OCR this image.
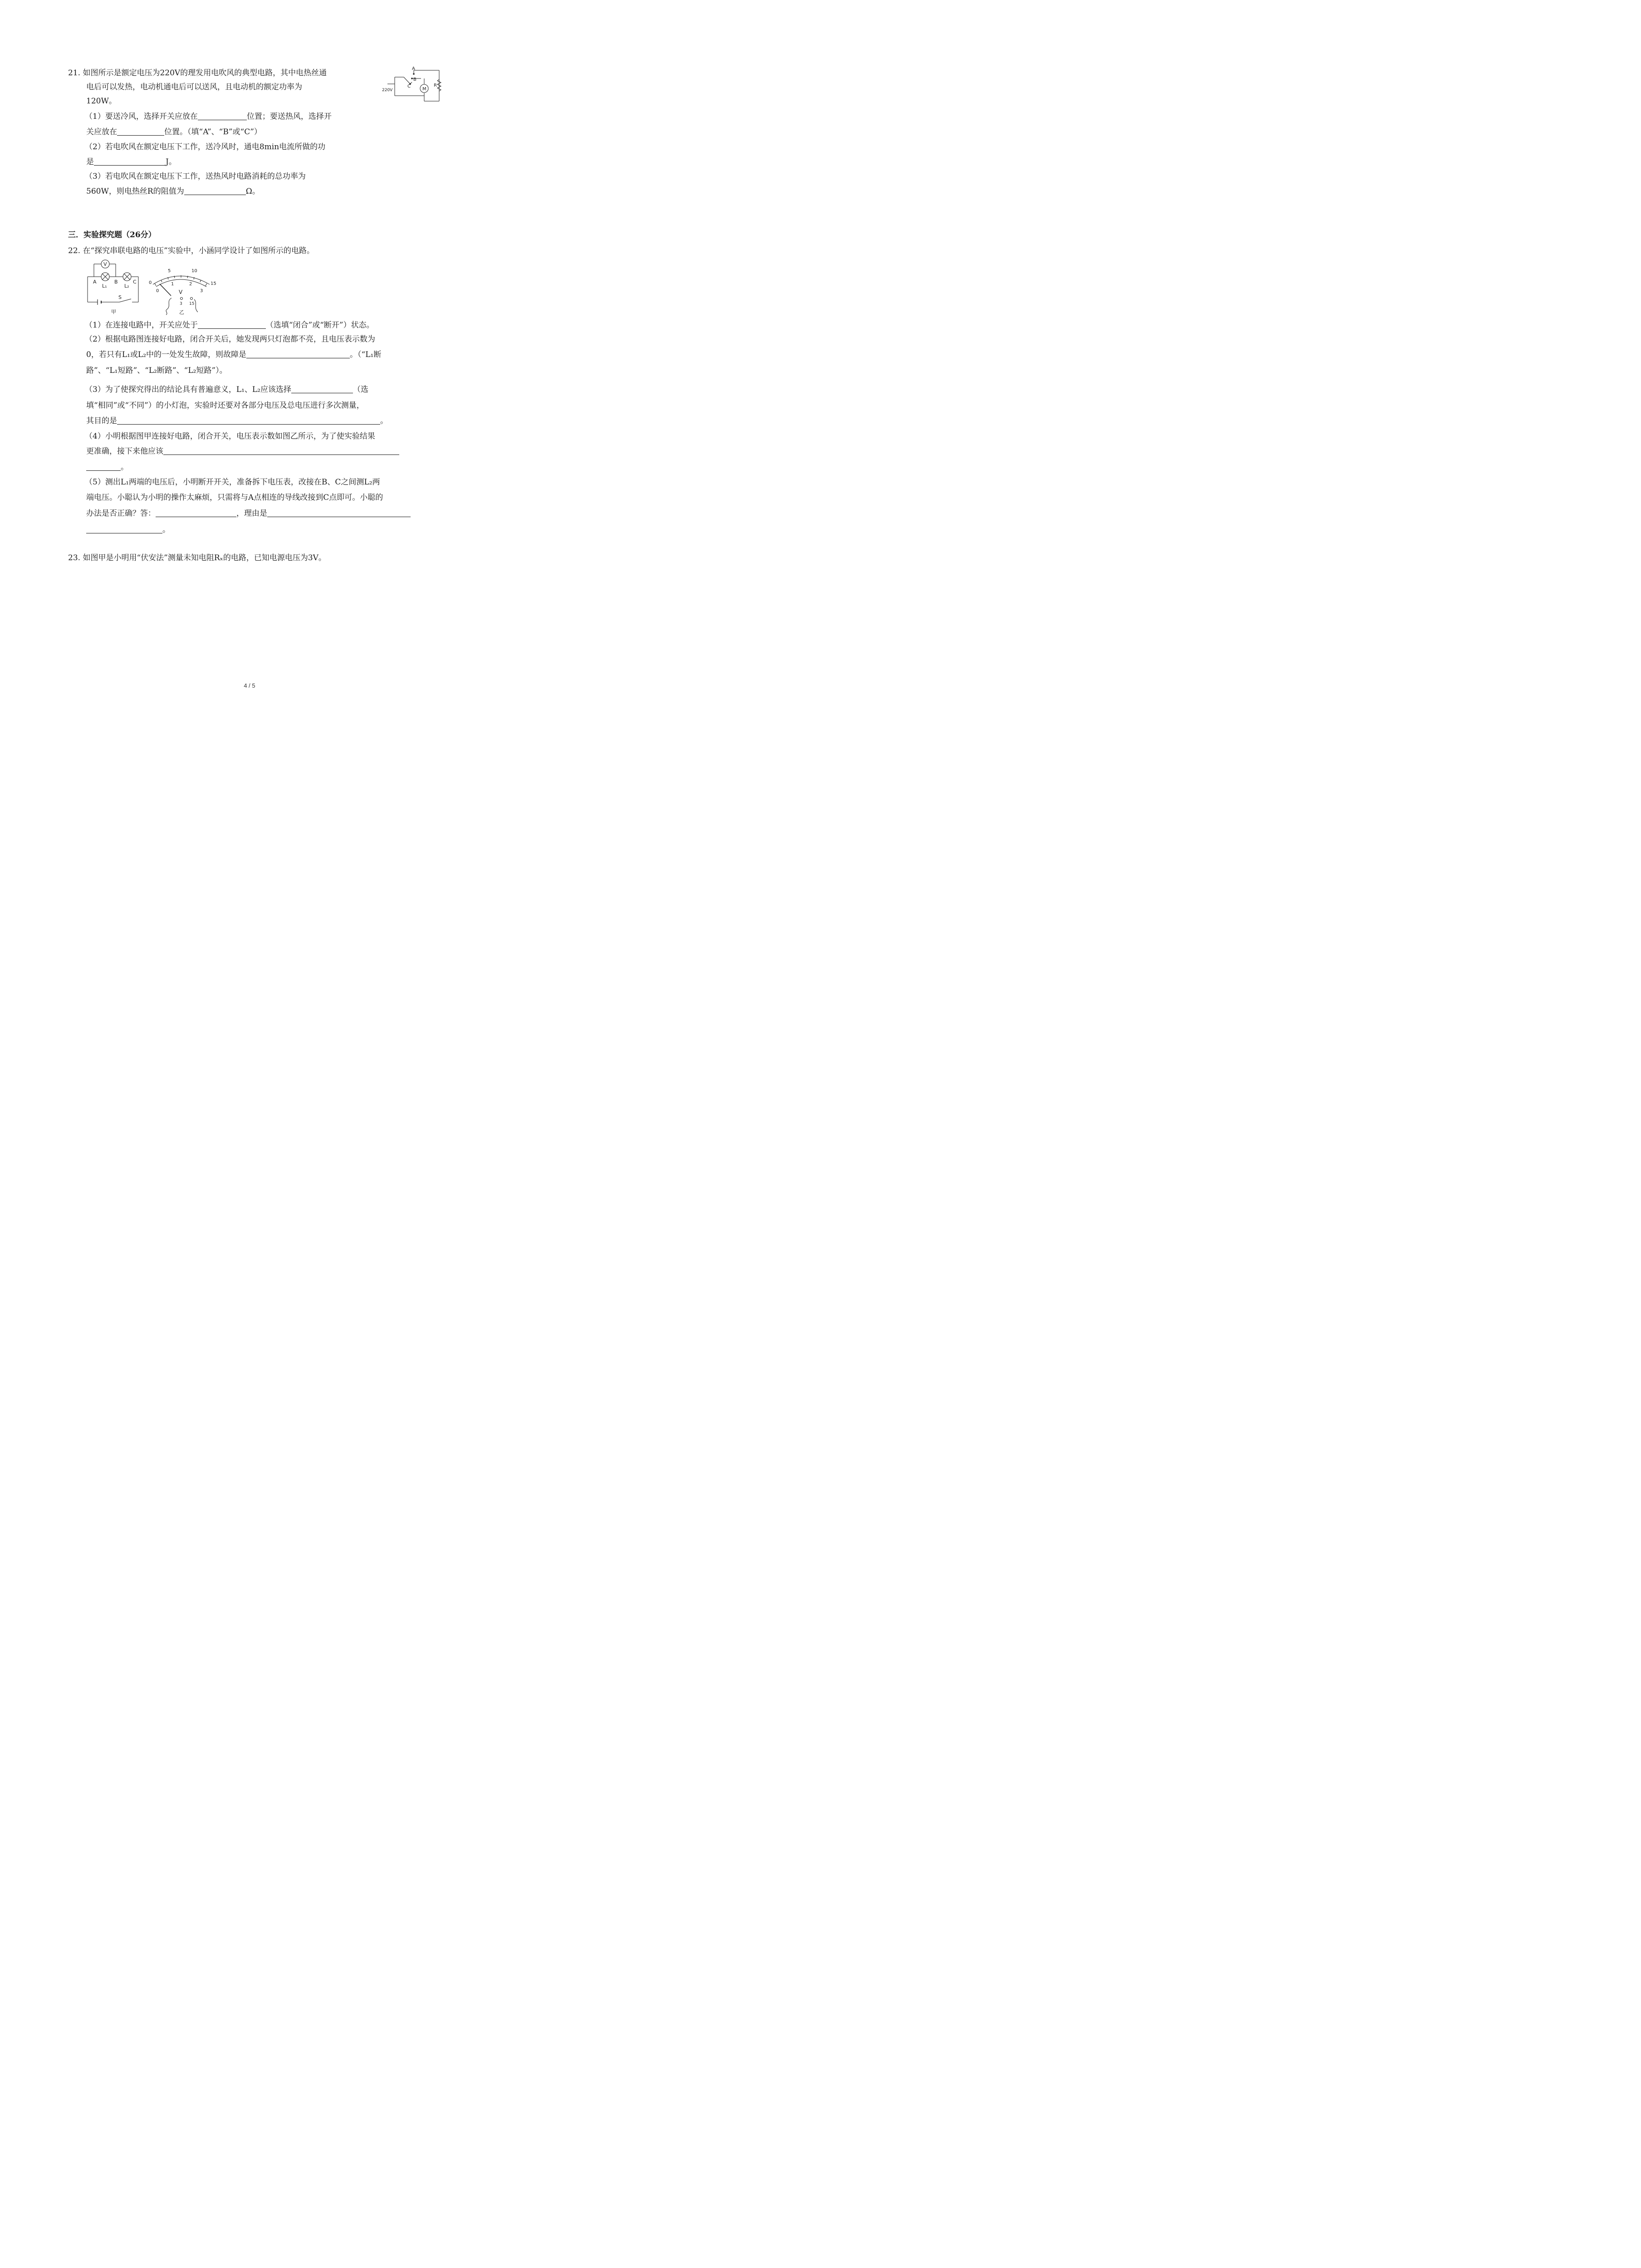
21. 如图所示是额定电压为220V的理发用电吹风的典型电路，其中电热丝通
电后可以发热，电动机通电后可以送风，且电动机的额定功率为
120W。
（1）要送冷风，选择开关应放在	位置；要送热风，选择开
关应放在	位置。（填“A”、“B”或“C”）
（2）若电吹风在额定电压下工作，送冷风时，通电8min电流所做的功
是	J。
（3）若电吹风在额定电压下工作，送热风时电路消耗的总功率为
560W，则电热丝R的阻值为	Ω。
A
B
C
220V	M
R
三．实验探究题（26分）
22. 在“探究串联电路的电压”实验中，小涵同学设计了如图所示的电路。
V
A	B	C
L₁	L₂
S
甲
0
5	10
15
0
1	2
3
V
3 15
乙
（1）在连接电路中，开关应处于	（选填“闭合”或“断开”）状态。
（2）根据电路图连接好电路，闭合开关后，她发现两只灯泡都不亮，且电压表示数为
0，若只有L₁或L₂中的一处发生故障，则故障是	。（“L₁断
路”、“L₁短路”、“L₂断路”、“L₂短路”）。
（3）为了使探究得出的结论具有普遍意义，L₁、L₂应该选择	（选
填“相同”或“不同”）的小灯泡，实验时还要对各部分电压及总电压进行多次测量，
其目的是	。
（4）小明根据图甲连接好电路，闭合开关，电压表示数如图乙所示，为了使实验结果
更准确，接下来他应该
。
（5）测出L₁两端的电压后，小明断开开关，准备拆下电压表，改接在B、C之间测L₂两
端电压。小聪认为小明的操作太麻烦，只需将与A点相连的导线改接到C点即可。小聪的
办法是否正确？答：	，理由是
。
23. 如图甲是小明用“伏安法”测量未知电阻Rₓ的电路，已知电源电压为3V。
4 / 5
